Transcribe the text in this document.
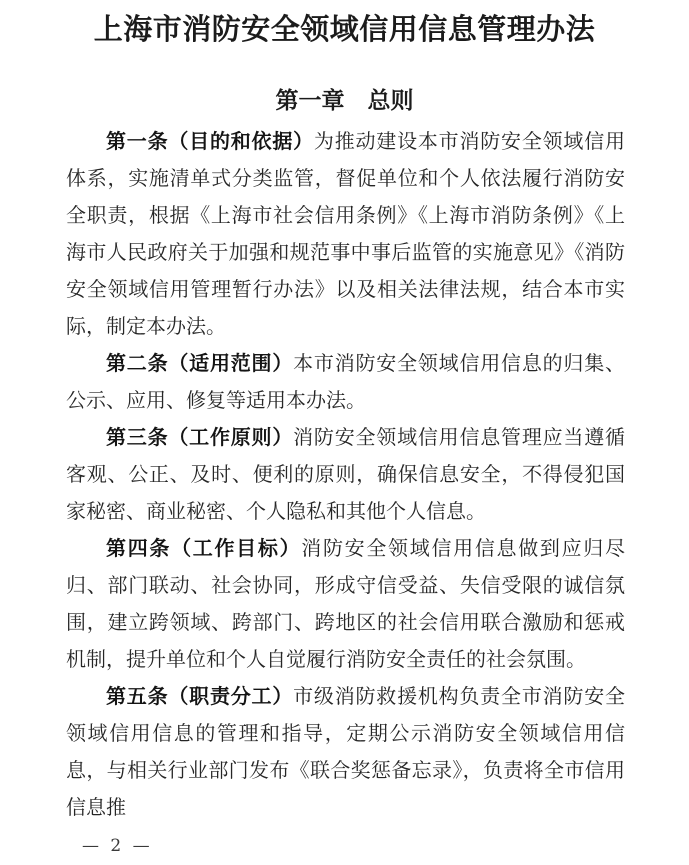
上海市消防安全领域信用信息管理办法
第一章　总则

第一条（目的和依据）为推动建设本市消防安全领域信用体系，实施清单式分类监管，督促单位和个人依法履行消防安全职责，根据《上海市社会信用条例》《上海市消防条例》《上海市人民政府关于加强和规范事中事后监管的实施意见》《消防安全领域信用管理暂行办法》以及相关法律法规，结合本市实际，制定本办法。

第二条（适用范围）本市消防安全领域信用信息的归集、公示、应用、修复等适用本办法。

第三条（工作原则）消防安全领域信用信息管理应当遵循客观、公正、及时、便利的原则，确保信息安全，不得侵犯国家秘密、商业秘密、个人隐私和其他个人信息。

第四条（工作目标）消防安全领域信用信息做到应归尽归、部门联动、社会协同，形成守信受益、失信受限的诚信氛围，建立跨领域、跨部门、跨地区的社会信用联合激励和惩戒机制，提升单位和个人自觉履行消防安全责任的社会氛围。

第五条（职责分工）市级消防救援机构负责全市消防安全领域信用信息的管理和指导，定期公示消防安全领域信用信息，与相关行业部门发布《联合奖惩备忘录》，负责将全市信用信息推

— 2 —
